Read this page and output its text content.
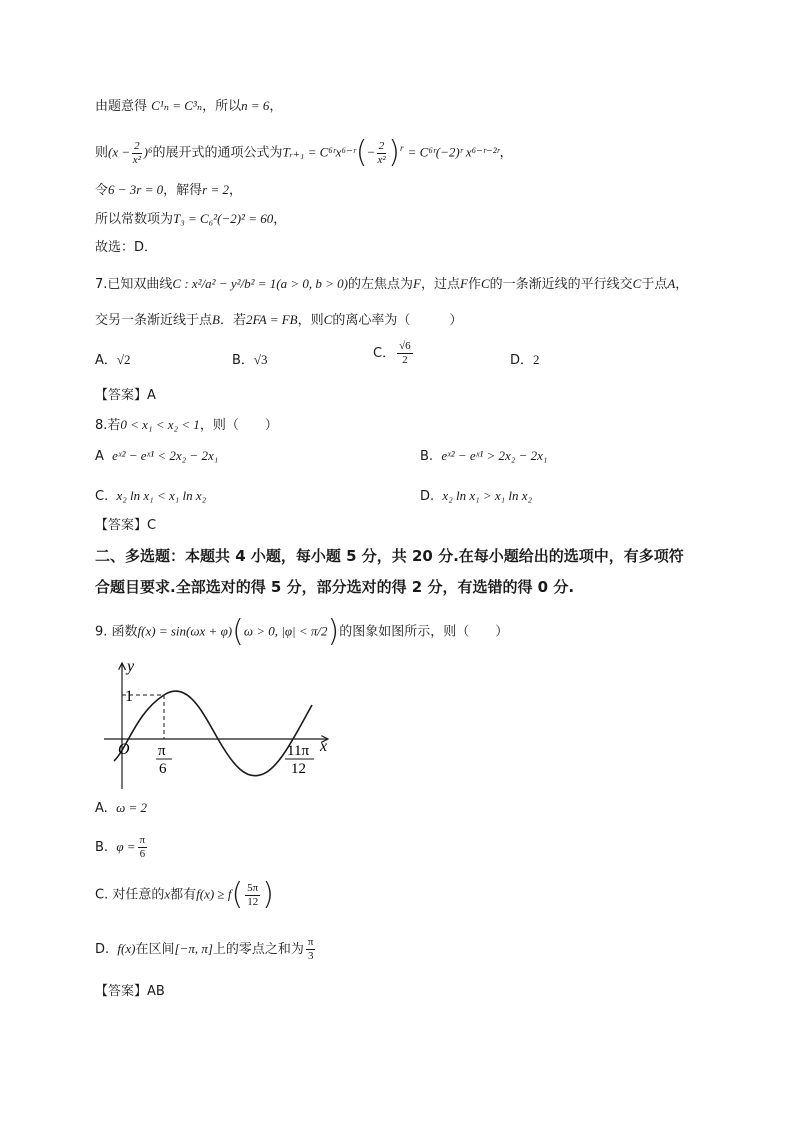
由题意得 C¹ₙ = C³ₙ，所以n = 6，
则$(x - \frac{2}{\text{x²}} )^6$的展开式的通项公式为Tᵣ₊₁ = C⁶ʳx⁶⁻ʳ(− $\frac{2}{\text{x²}} )^r$ = C⁶ʳ(−2)ʳ x⁶⁻ʳ⁻²ʳ，
令6 − 3r = 0，解得r = 2，
所以常数项为T₃ = C₆²(−2)² = 60，
故选：D．
7.已知双曲线C : x²/a² − y²/b² = 1(a > 0, b > 0)的左焦点为F，过点F作C的一条渐近线的平行线交C于点A，
交另一条渐近线于点B．若2FA = FB，则C的离心率为（　　　）
A．√2	B．√3	C． $\frac{√6}{2}$	D．2
【答案】A
8.若0 < x₁ < x₂ < 1，则（　　）
A eˣ² − eˣ¹ < 2x₂ − 2x₁	B. eˣ² − eˣ¹ > 2x₂ − 2x₁
C. x₂ ln x₁ < x₁ ln x₂	D. x₂ ln x₁ > x₁ ln x₂
【答案】C
二、多选题：本题共 4 小题，每小题 5 分，共 20 分.在每小题给出的选项中，有多项符
合题目要求.全部选对的得 5 分，部分选对的得 2 分，有选错的得 0 分.
9. 函数f(x) = sin(ωx + φ)(ω > 0, |φ| < π/2)的图象如图所示，则（　　）
y
x
O
1
π
6
11π
12
A. ω = 2
B. $\varphi = \frac{\pi}{6}$
C. 对任意的x都有$f(x) \ge f( \frac{5\pi}{12}$ )
D. f(x)在区间[−π, π]上的零点之和为 $\frac{\pi}{3}$
【答案】AB
